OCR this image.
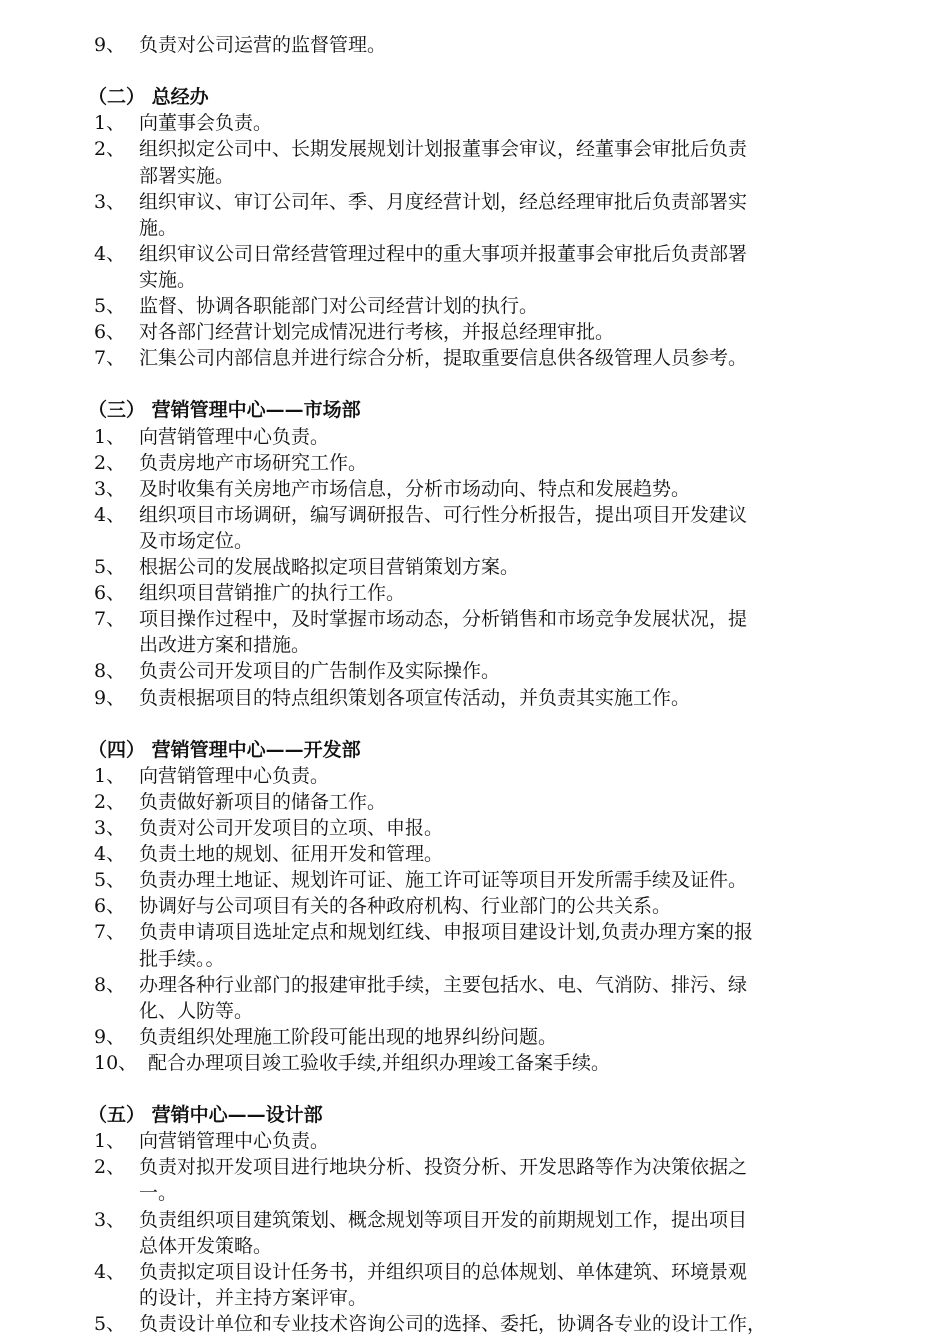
9、 负责对公司运营的监督管理。
（二） 总经办
1、 向董事会负责。
2、 组织拟定公司中、长期发展规划计划报董事会审议，经董事会审批后负责
部署实施。
3、 组织审议、审订公司年、季、月度经营计划，经总经理审批后负责部署实
施。
4、 组织审议公司日常经营管理过程中的重大事项并报董事会审批后负责部署
实施。
5、 监督、协调各职能部门对公司经营计划的执行。
6、 对各部门经营计划完成情况进行考核，并报总经理审批。
7、 汇集公司内部信息并进行综合分析，提取重要信息供各级管理人员参考。
（三） 营销管理中心——市场部
1、 向营销管理中心负责。
2、 负责房地产市场研究工作。
3、 及时收集有关房地产市场信息，分析市场动向、特点和发展趋势。
4、 组织项目市场调研，编写调研报告、可行性分析报告，提出项目开发建议
及市场定位。
5、 根据公司的发展战略拟定项目营销策划方案。
6、 组织项目营销推广的执行工作。
7、 项目操作过程中，及时掌握市场动态，分析销售和市场竞争发展状况，提
出改进方案和措施。
8、 负责公司开发项目的广告制作及实际操作。
9、 负责根据项目的特点组织策划各项宣传活动，并负责其实施工作。
（四） 营销管理中心——开发部
1、 向营销管理中心负责。
2、 负责做好新项目的储备工作。
3、 负责对公司开发项目的立项、申报。
4、 负责土地的规划、征用开发和管理。
5、 负责办理土地证、规划许可证、施工许可证等项目开发所需手续及证件。
6、 协调好与公司项目有关的各种政府机构、行业部门的公共关系。
7、 负责申请项目选址定点和规划红线、申报项目建设计划,负责办理方案的报
批手续。。
8、 办理各种行业部门的报建审批手续，主要包括水、电、气消防、排污、绿
化、人防等。
9、 负责组织处理施工阶段可能出现的地界纠纷问题。
10、 配合办理项目竣工验收手续,并组织办理竣工备案手续。
（五） 营销中心——设计部
1、 向营销管理中心负责。
2、 负责对拟开发项目进行地块分析、投资分析、开发思路等作为决策依据之
一。
3、 负责组织项目建筑策划、概念规划等项目开发的前期规划工作，提出项目
总体开发策略。
4、 负责拟定项目设计任务书，并组织项目的总体规划、单体建筑、环境景观
的设计，并主持方案评审。
5、 负责设计单位和专业技术咨询公司的选择、委托，协调各专业的设计工作，
